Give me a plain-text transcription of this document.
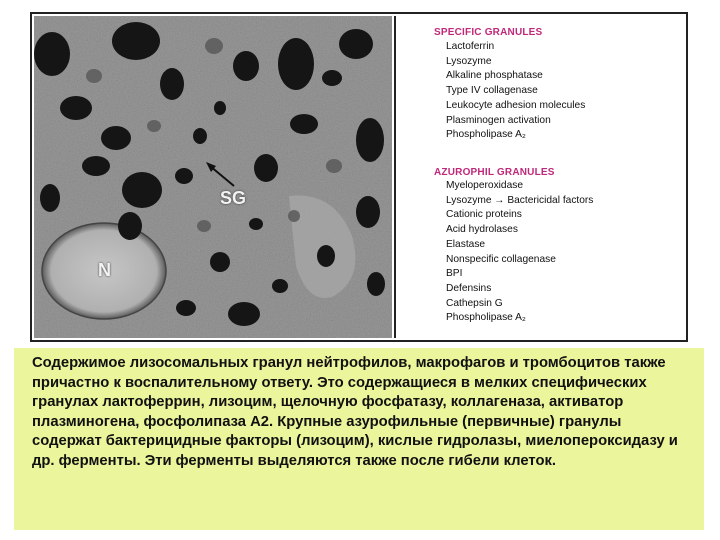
N
SG
SPECIFIC GRANULES
Lactoferrin
Lysozyme
Alkaline phosphatase
Type IV collagenase
Leukocyte adhesion molecules
Plasminogen activation
Phospholipase A₂
AZUROPHIL GRANULES
Myeloperoxidase
Lysozyme → Bactericidal factors
Cationic proteins
Acid hydrolases
Elastase
Nonspecific collagenase
BPI
Defensins
Cathepsin G
Phospholipase A₂

Содержимое лизосомальных гранул нейтрофилов, макрофагов и тромбоцитов также причастно к воспалительному ответу. Это содержащиеся в мелких специфических гранулах лактоферрин, лизоцим, щелочную фосфатазу, коллагеназа, активатор плазминогена, фосфолипаза А2. Крупные азурофильные (первичные) гранулы содержат бактерицидные факторы (лизоцим), кислые гидролазы, миелопероксидазу и др. ферменты. Эти ферменты выделяются также после гибели клеток.
